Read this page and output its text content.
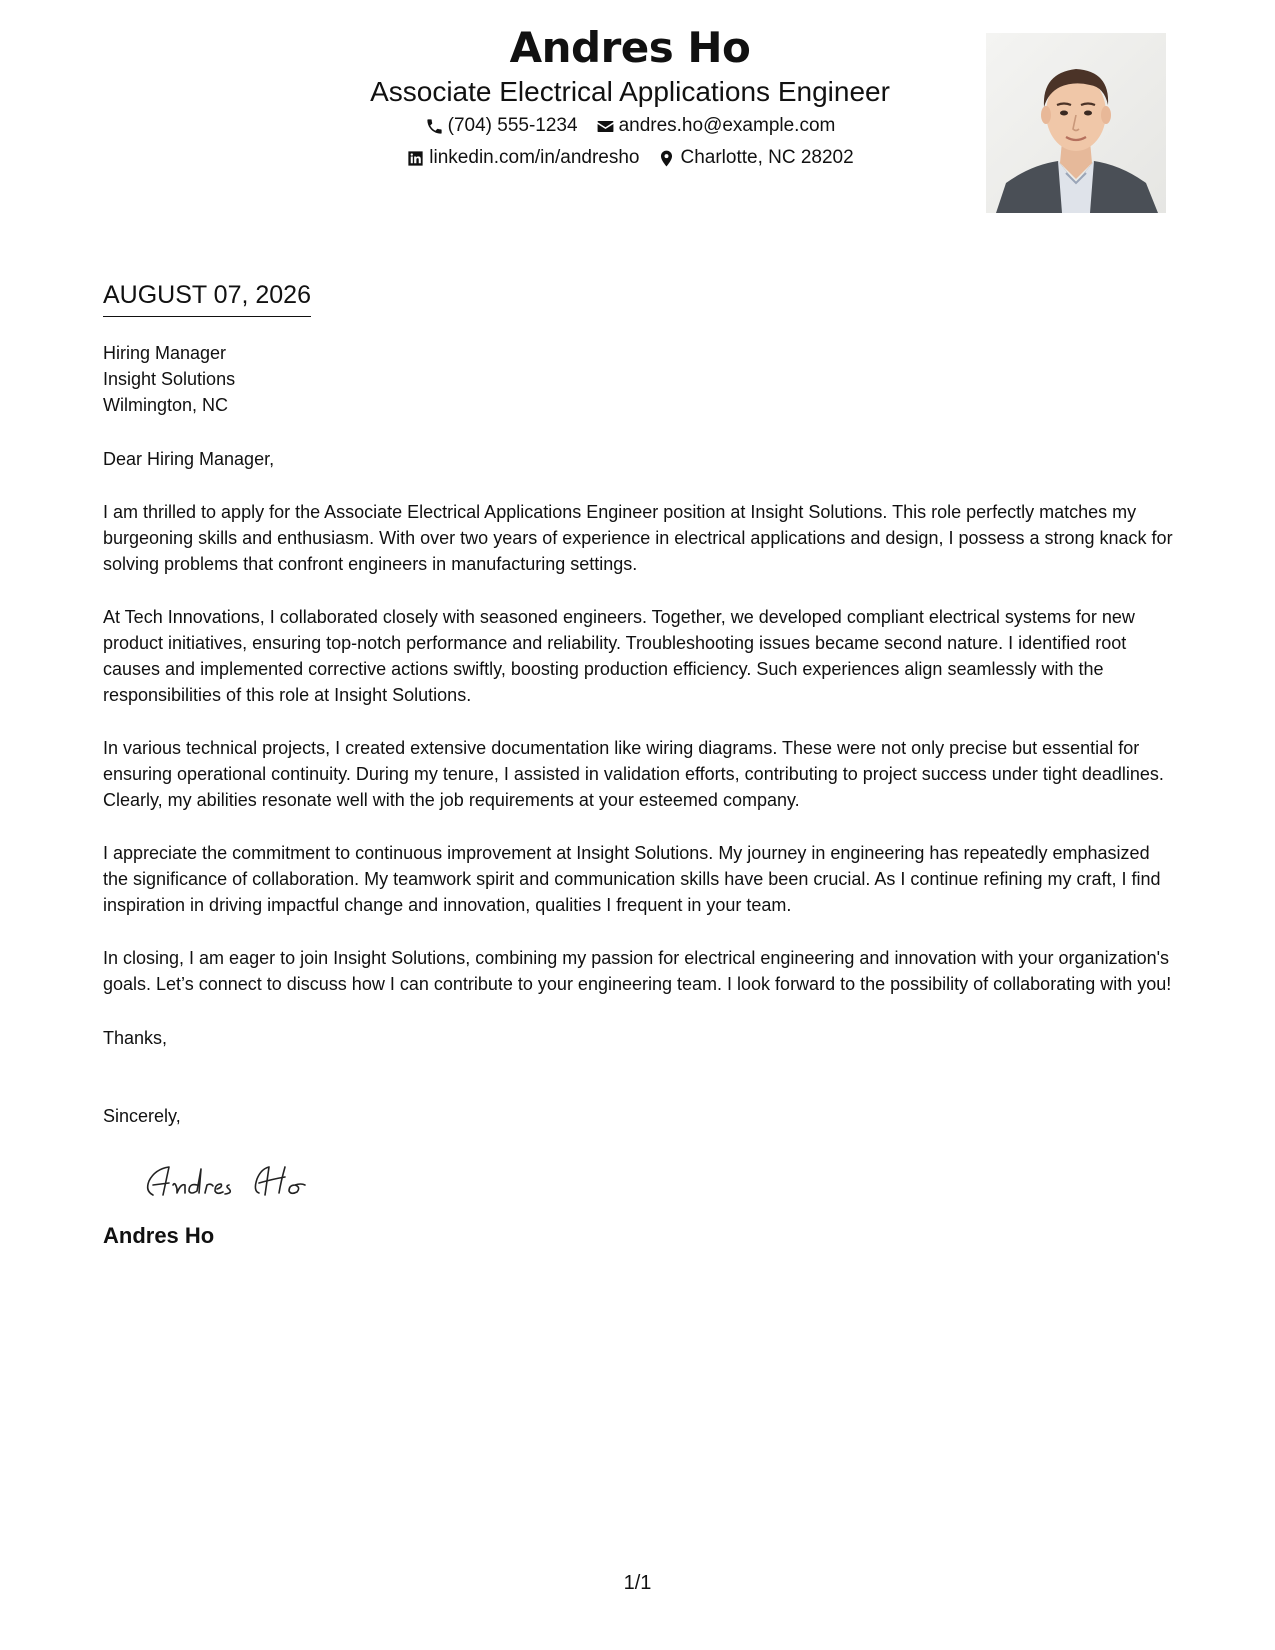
Andres Ho
Associate Electrical Applications Engineer
(704) 555-1234 andres.ho@example.com
linkedin.com/in/andresho Charlotte, NC 28202
AUGUST 07, 2026
Hiring Manager
Insight Solutions
Wilmington, NC
Dear Hiring Manager,

I am thrilled to apply for the Associate Electrical Applications Engineer position at Insight Solutions. This role perfectly matches my burgeoning skills and enthusiasm. With over two years of experience in electrical applications and design, I possess a strong knack for solving problems that confront engineers in manufacturing settings.

At Tech Innovations, I collaborated closely with seasoned engineers. Together, we developed compliant electrical systems for new product initiatives, ensuring top-notch performance and reliability. Troubleshooting issues became second nature. I identified root causes and implemented corrective actions swiftly, boosting production efficiency. Such experiences align seamlessly with the responsibilities of this role at Insight Solutions.

In various technical projects, I created extensive documentation like wiring diagrams. These were not only precise but essential for ensuring operational continuity. During my tenure, I assisted in validation efforts, contributing to project success under tight deadlines. Clearly, my abilities resonate well with the job requirements at your esteemed company.

I appreciate the commitment to continuous improvement at Insight Solutions. My journey in engineering has repeatedly emphasized the significance of collaboration. My teamwork spirit and communication skills have been crucial. As I continue refining my craft, I find inspiration in driving impactful change and innovation, qualities I frequent in your team.

In closing, I am eager to join Insight Solutions, combining my passion for electrical engineering and innovation with your organization's goals. Let’s connect to discuss how I can contribute to your engineering team. I look forward to the possibility of collaborating with you!

Thanks,
Sincerely,
Andres Ho
1/1
